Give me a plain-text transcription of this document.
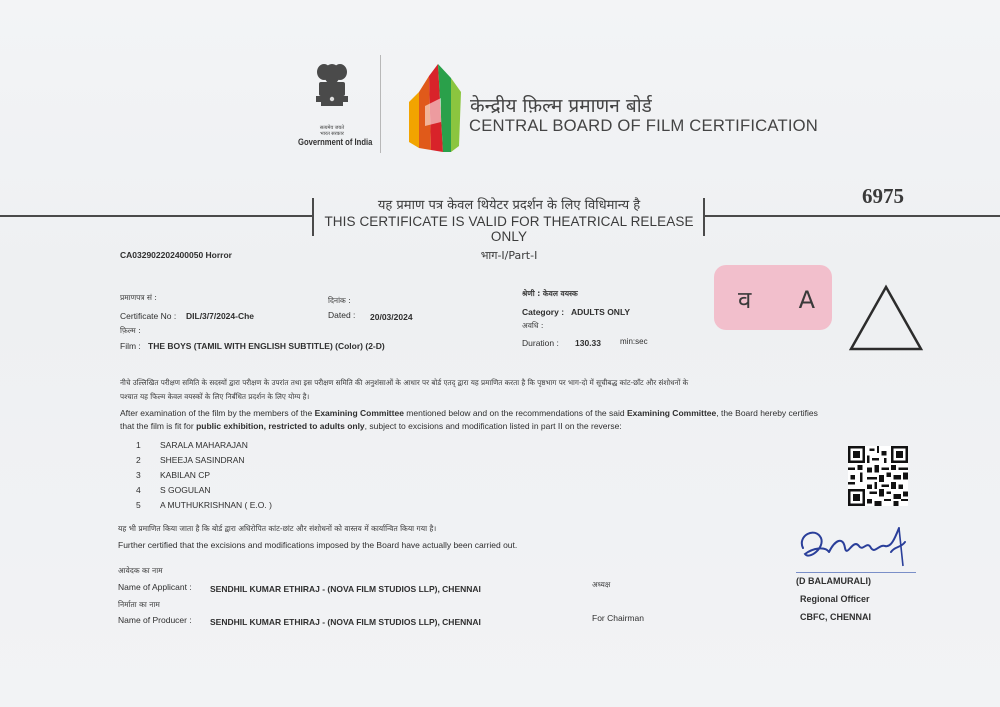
सत्यमेव जयते
भारत सरकार
Government of India
केन्द्रीय फ़िल्म प्रमाणन बोर्ड
CENTRAL BOARD OF FILM CERTIFICATION
6975
यह प्रमाण पत्र केवल थियेटर प्रदर्शन के लिए विधिमान्य है
THIS CERTIFICATE IS VALID FOR THEATRICAL RELEASE ONLY
भाग-I/Part-I
CA032902202400050 Horror
प्रमाणपत्र सं :
Certificate No : DIL/3/7/2024-Che
दिनांक :
Dated : 20/03/2024
फ़िल्म :
Film : THE BOYS (TAMIL WITH ENGLISH SUBTITLE) (Color) (2-D)
श्रेणी : केवल वयस्क
Category : ADULTS ONLY
अवधि :
Duration : 130.33 min:sec
व A
नीचे उल्लिखित परीक्षण समिति के सदस्यों द्वारा परीक्षण के उपरांत तथा इस परीक्षण समिति की अनुशंसाओं के आधार पर बोर्ड एतद् द्वारा यह प्रमाणित करता है कि पृष्ठभाग पर भाग-दो में सूचीबद्ध कांट-छाँट और संशोधनों के
पश्चात यह फिल्म केवल वयस्कों के लिए निर्बंधित प्रदर्शन के लिए योग्य है।
After examination of the film by the members of the Examining Committee mentioned below and on the recommendations of the said Examining Committee, the Board hereby certifies
that the film is fit for public exhibition, restricted to adults only, subject to excisions and modification listed in part II on the reverse:
1 SARALA MAHARAJAN
2 SHEEJA SASINDRAN
3 KABILAN CP
4 S GOGULAN
5 A MUTHUKRISHNAN ( E.O. )
यह भी प्रमाणित किया जाता है कि बोर्ड द्वारा अधिरोपित कांट-छांट और संशोधनों को वास्तव में कार्यान्वित किया गया है।
Further certified that the excisions and modifications imposed by the Board have actually been carried out.
आवेदक का नाम
Name of Applicant : SENDHIL KUMAR ETHIRAJ - (NOVA FILM STUDIOS LLP), CHENNAI
निर्माता का नाम
Name of Producer : SENDHIL KUMAR ETHIRAJ - (NOVA FILM STUDIOS LLP), CHENNAI
अध्यक्ष
For Chairman
(D BALAMURALI)
Regional Officer
CBFC, CHENNAI
